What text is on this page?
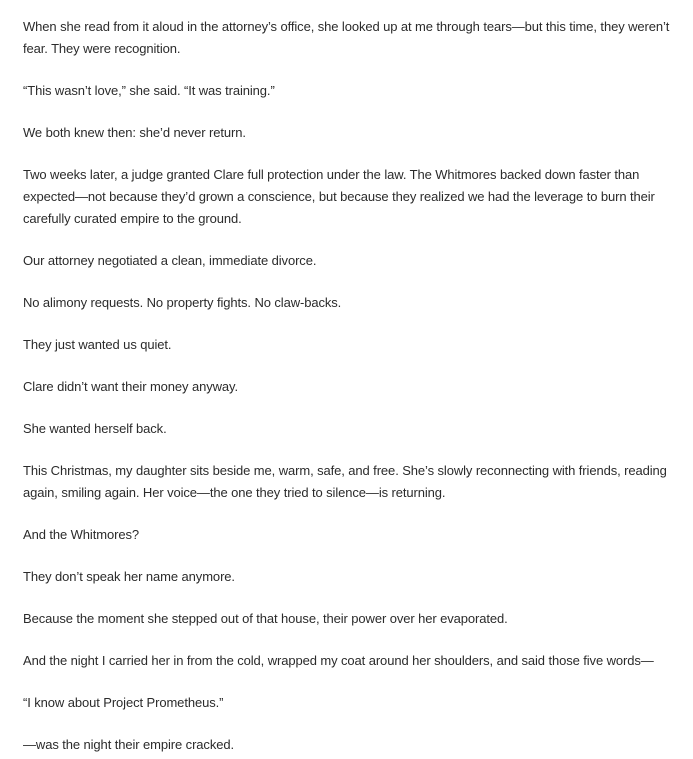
When she read from it aloud in the attorney’s office, she looked up at me through tears—but this time, they weren’t fear. They were recognition.

“This wasn’t love,” she said. “It was training.”

We both knew then: she’d never return.

Two weeks later, a judge granted Clare full protection under the law. The Whitmores backed down faster than expected—not because they’d grown a conscience, but because they realized we had the leverage to burn their carefully curated empire to the ground.

Our attorney negotiated a clean, immediate divorce.

No alimony requests. No property fights. No claw-backs.

They just wanted us quiet.

Clare didn’t want their money anyway.

She wanted herself back.

This Christmas, my daughter sits beside me, warm, safe, and free. She’s slowly reconnecting with friends, reading again, smiling again. Her voice—the one they tried to silence—is returning.

And the Whitmores?

They don’t speak her name anymore.

Because the moment she stepped out of that house, their power over her evaporated.

And the night I carried her in from the cold, wrapped my coat around her shoulders, and said those five words—

“I know about Project Prometheus.”

—was the night their empire cracked.
